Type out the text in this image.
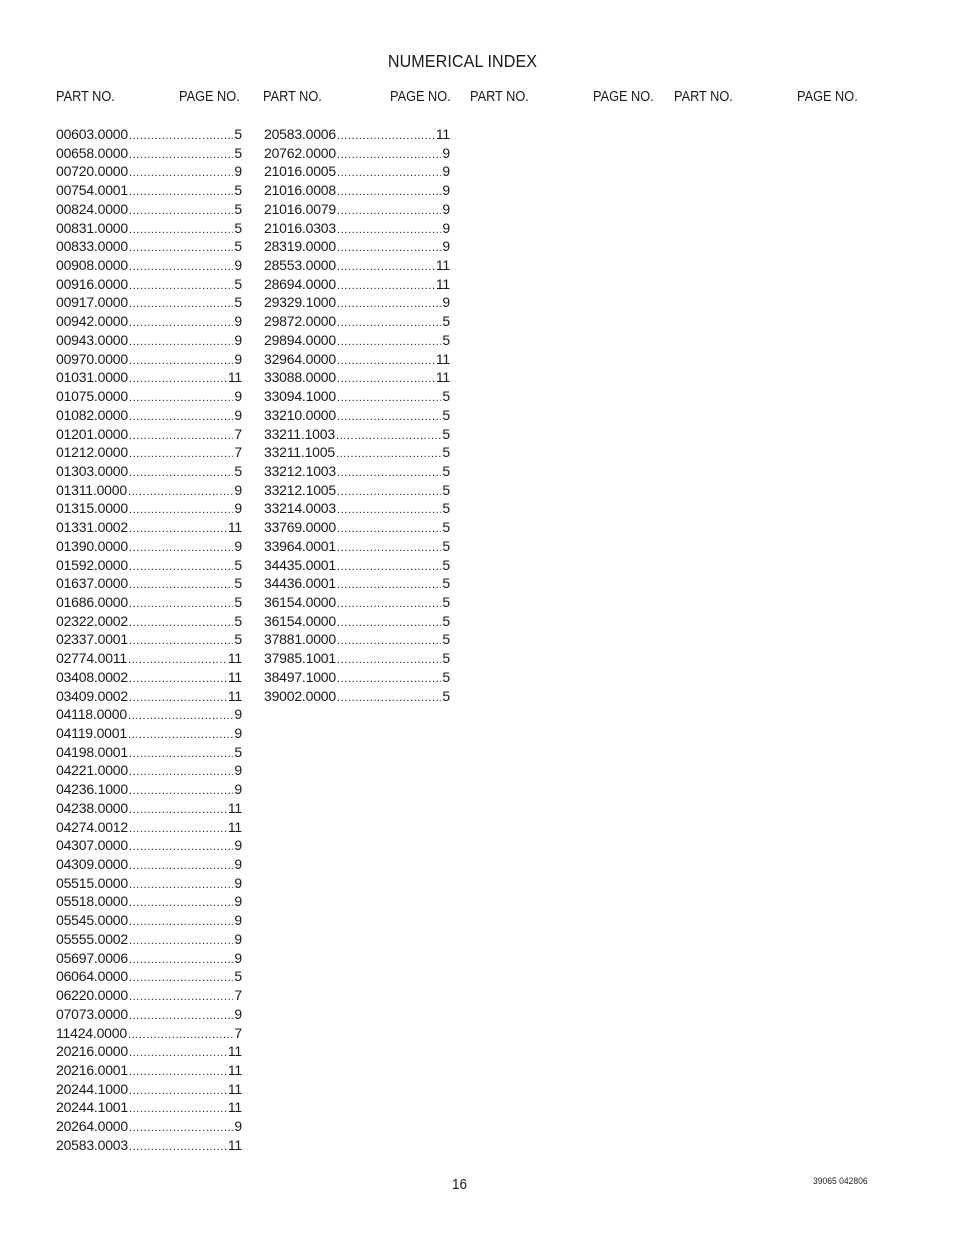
NUMERICAL INDEX
PART NO.	PAGE NO. PART NO.	PAGE NO. PART NO.	PAGE NO. PART NO.	PAGE NO.
00603.0000 .....	5
00658.0000 .....	5
00720.0000 .....	9
00754.0001 .....	5
00824.0000 .....	5
00831.0000 .....	5
00833.0000 .....	5
00908.0000 .....	9
00916.0000 .....	5
00917.0000 .....	5
00942.0000 .....	9
00943.0000 .....	9
00970.0000 .....	9
01031.0000 .....	11
01075.0000 .....	9
01082.0000 .....	9
01201.0000 .....	7
01212.0000 .....	7
01303.0000 .....	5
01311.0000 .....	9
01315.0000 .....	9
01331.0002 .....	11
01390.0000 .....	9
01592.0000 .....	5
01637.0000 .....	5
01686.0000 .....	5
02322.0002 .....	5
02337.0001 .....	5
02774.0011 .....	11
03408.0002 .....	11
03409.0002 .....	11
04118.0000 .....	9
04119.0001 .....	9
04198.0001 .....	5
04221.0000 .....	9
04236.1000 .....	9
04238.0000 .....	11
04274.0012 .....	11
04307.0000 .....	9
04309.0000 .....	9
05515.0000 .....	9
05518.0000 .....	9
05545.0000 .....	9
05555.0002 .....	9
05697.0006 .....	9
06064.0000 .....	5
06220.0000 .....	7
07073.0000 .....	9
11424.0000 .....	7
20216.0000 .....	11
20216.0001 .....	11
20244.1000 .....	11
20244.1001 .....	11
20264.0000 .....	9
20583.0003 .....	11
20583.0006 .....	11
20762.0000 .....	9
21016.0005 .....	9
21016.0008 .....	9
21016.0079 .....	9
21016.0303 .....	9
28319.0000 .....	9
28553.0000 .....	11
28694.0000 .....	11
29329.1000 .....	9
29872.0000 .....	5
29894.0000 .....	5
32964.0000 .....	11
33088.0000 .....	11
33094.1000 .....	5
33210.0000 .....	5
33211.1003 .....	5
33211.1005 .....	5
33212.1003 .....	5
33212.1005 .....	5
33214.0003 .....	5
33769.0000 .....	5
33964.0001 .....	5
34435.0001 .....	5
34436.0001 .....	5
36154.0000 .....	5
36154.0000 .....	5
37881.0000 .....	5
37985.1001 .....	5
38497.1000 .....	5
39002.0000 .....	5
16	39065 042806
